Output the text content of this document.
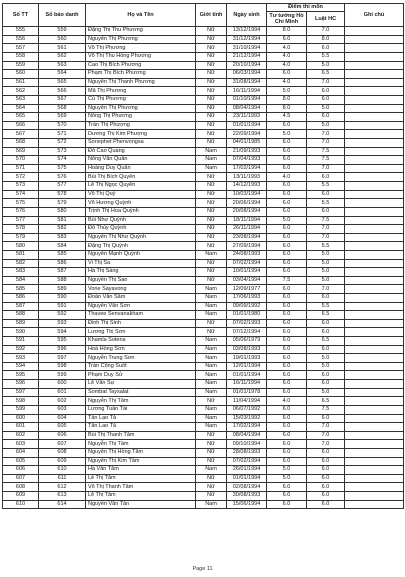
Số TT	Số báo danh	Họ và Tên	Giới tính	Ngày sinh	Điểm thi môn		Ghi chú
					Tư tưởng Hồ Chí Minh	Luật HC	
555	559	Đặng Thị Thu Phương	Nữ	13/12/1994	8.0	7.0	
556	560	Nguyễn Thị Phương	Nữ	31/12/1994	6.0	8.0	
557	561	Võ Thị Phương	Nữ	31/10/1994	4.0	6.0	
558	562	Võ Thị Thu Hồng Phương	Nữ	21/12/1994	4.0	5.5	
559	563	Cao Thị Bích Phương	Nữ	20/10/1994	4.0	5.0	
560	564	Phạm Thị Bích Phương	Nữ	06/03/1994	6.0	6.5	
561	565	Nguyễn Thị Thanh Phương	Nữ	31/08/1994	4.0	7.0	
562	566	Mã Thị Phương	Nữ	16/11/1994	5.0	6.0	
563	567	Cù Thị Phương	Nữ	01/10/1994	8.0	6.0	
564	568	Nguyễn Thị Phương	Nữ	08/04/1994	8.0	5.0	
565	569	Nông Thị Phương	Nữ	23/11/1993	4.5	6.0	
566	570	Trần Thị Phượng	Nữ	01/01/1994	6.0	5.0	
567	571	Dương Thị Kim Phượng	Nữ	22/09/1994	5.0	7.0	
568	572	Sonephet Phenvongsa	Nữ	04/01/1985	6.0	7.0	
569	573	Đỗ Cao Quang	Nam	21/09/1993	6.0	7.5	
570	574	Nông Văn Quân	Nam	07/04/1993	6.0	7.5	
571	575	Hoàng Duy Quân	Nam	17/02/1994	6.0	7.0	
572	576	Bùi Thị Bích Quyên	Nữ	13/11/1993	4.0	6.0	
573	577	Lê Thị Ngọc Quyên	Nữ	14/12/1993	6.0	5.5	
574	578	Võ Thị Quý	Nữ	10/03/1994	6.0	6.0	
575	579	Võ Hương Quỳnh	Nữ	20/06/1994	6.0	5.5	
576	580	Trịnh Thị Hoa Quỳnh	Nữ	20/08/1994	6.0	6.0	
577	581	Bùi Như Quỳnh	Nữ	18/11/1994	5.0	7.5	
578	582	Đỗ Thúy Quỳnh	Nữ	26/11/1994	6.0	7.0	
579	583	Nguyễn Thị Như Quỳnh	Nữ	23/08/1994	6.0	7.0	
580	584	Đặng Thị Quỳnh	Nữ	27/09/1994	6.0	5.5	
581	585	Nguyễn Mạnh Quỳnh	Nam	24/08/1993	6.0	5.0	
582	586	Vi Thị Sa	Nữ	07/02/1994	6.0	5.0	
583	587	Hà Thị Sáng	Nữ	10/01/1994	6.0	5.0	
584	588	Nguyễn Thị Sao	Nữ	03/04/1994	7.5	5.0	
585	589	Vone Sayavong	Nam	12/09/1977	6.0	7.0	
586	590	Đoàn Văn Sâm	Nam	17/06/1993	6.0	6.0	
587	591	Nguyễn Văn Sơn	Nam	09/09/1992	6.0	5.5	
588	592	Thavee Senvanakham	Nam	01/01/1980	6.0	6.5	
589	593	Đinh Thị Sinh	Nữ	07/02/1993	6.0	6.0	
590	594	Lương Thị Sơn	Nữ	07/12/1994	6.0	6.0	
591	595	Khamla Sotena	Nam	05/06/1979	6.0	6.5	
592	596	Hoà Hồng Sơn	Nam	03/08/1993	6.0	6.0	
593	597	Nguyễn Trung Sơn	Nam	19/01/1993	6.0	5.0	
594	598	Trần Công Suốt	Nam	12/01/1994	6.0	5.0	
595	599	Phạm Duy Sử	Nam	01/01/1994	6.0	6.0	
596	600	Lê Văn Sự	Nam	16/11/1994	6.0	6.0	
597	601	Sombat Taysalat	Nam	01/01/1978	6.0	5.0	
598	602	Nguyễn Thị Tâm	Nữ	11/04/1994	4.0	6.5	
599	603	Lương Tuấn Tài	Nam	06/07/1992	6.0	7.5	
600	604	Tần Lạo Tả	Nam	15/03/1992	6.0	6.0	
601	605	Tẩn Lao Tả	Nam	17/02/1994	6.0	7.0	
602	606	Bùi Thị Thanh Tâm	Nữ	08/04/1994	6.0	7.0	
603	607	Nguyễn Thị Tâm	Nữ	09/10/1994	6.0	7.0	
604	608	Nguyễn Thị Hồng Tâm	Nữ	28/08/1993	6.0	6.0	
605	609	Nguyễn Thị Kim Tâm	Nữ	07/02/1994	6.0	6.0	
606	610	Hà Văn Tâm	Nam	26/01/1994	5.0	6.0	
607	611	Lê Thị Tâm	Nữ	01/01/1994	5.0	6.0	
608	612	Võ Thị Thanh Tâm	Nữ	02/08/1994	6.0	6.0	
609	613	Lê Thị Tâm	Nữ	30/08/1993	6.0	6.0	
610	614	Nguyễn Văn Tân	Nam	15/06/1994	6.0	6.0	
Page 11
